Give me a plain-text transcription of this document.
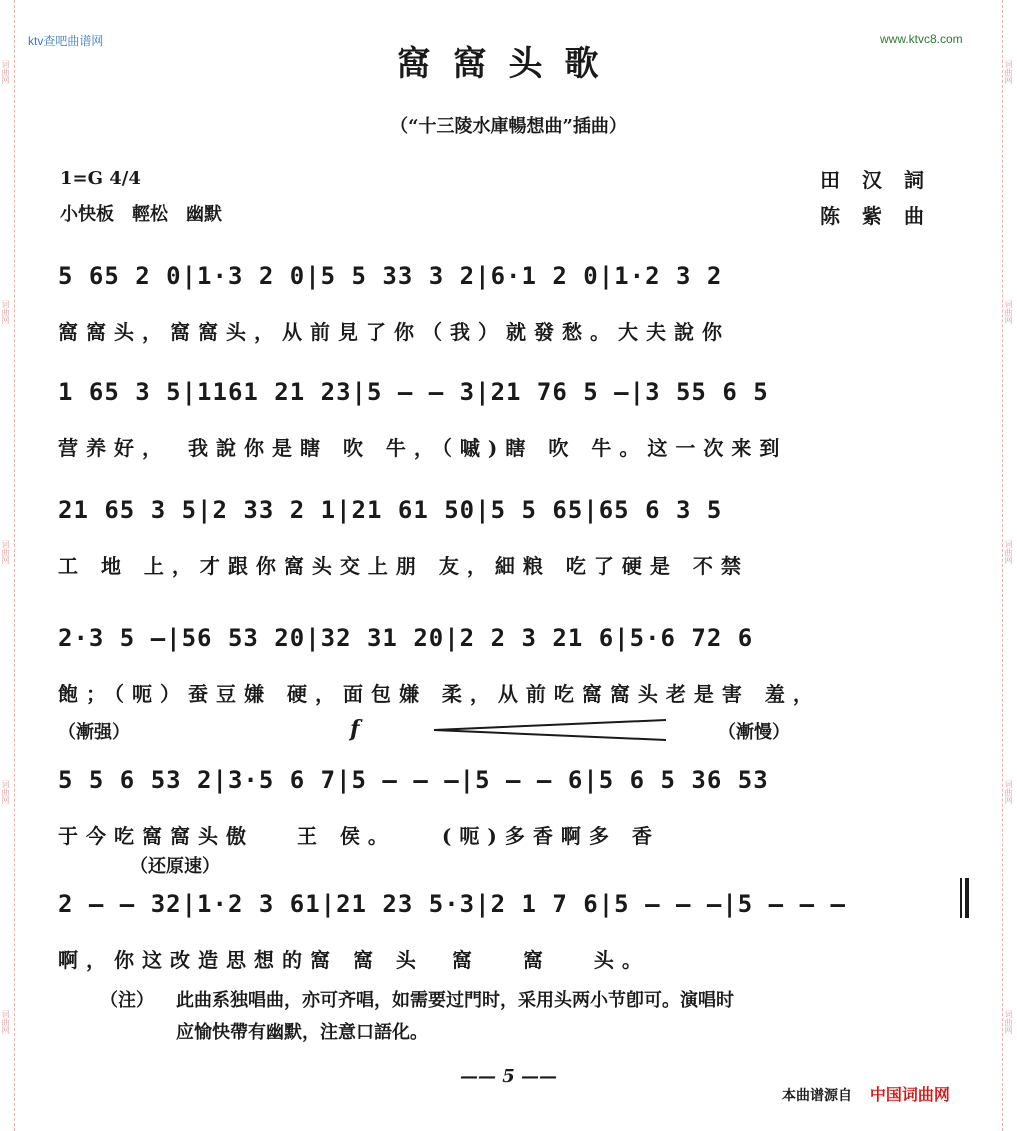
词曲网
词曲网
词曲网
词曲网
词曲网
词曲网
词曲网
词曲网
词曲网
词曲网
ktv查吧曲谱网	www.ktvc8.com
窩窩头歌
（“十三陵水庫暢想曲”插曲）
1=G 4/4
小快板　輕松　幽默
田汉詞
陈紫曲
5 65 2 0|1·3 2 0|5 5 33 3 2|6·1 2 0|1·2 3 2
窩窩头，窩窩头，从前見了你（我）就發愁。大夫說你
1 65 3 5|1161 21 23|5 — — 3|21 76 5 —|3 55 6 5
营养好，　我說你是瞎 吹 牛，（嘁)瞎 吹 牛。这一次来到
21 65 3 5|2 33 2 1|21 61 50|5 5 65|65 6 3 5
工 地 上，才跟你窩头交上朋 友，細粮 吃了硬是 不禁
2·3 5 —|56 53 20|32 31 20|2 2 3 21 6|5·6 72 6
飽；（呃）蚕豆嫌 硬，面包嫌 柔，从前吃窩窩头老是害 羞，
（漸强）	f	（漸慢）
5 5 6 53 2|3·5 6 7|5 — — —|5 — — 6|5 6 5 36 53
于今吃窩窩头傲　 王 侯。　　(呃)多香啊多 香
（还原速）
2 — — 32|1·2 3 61|21 23 5·3|2 1 7 6|5 — — —|5 — — —
啊，你这改造思想的窩 窩 头　窩　 窩　 头。
（注） 此曲系独唱曲，亦可齐唱，如需要过門时，采用头两小节卽可。演唱时
应愉快帶有幽默，注意口語化。
—— 5 ——
本曲谱源自 中国词曲网
